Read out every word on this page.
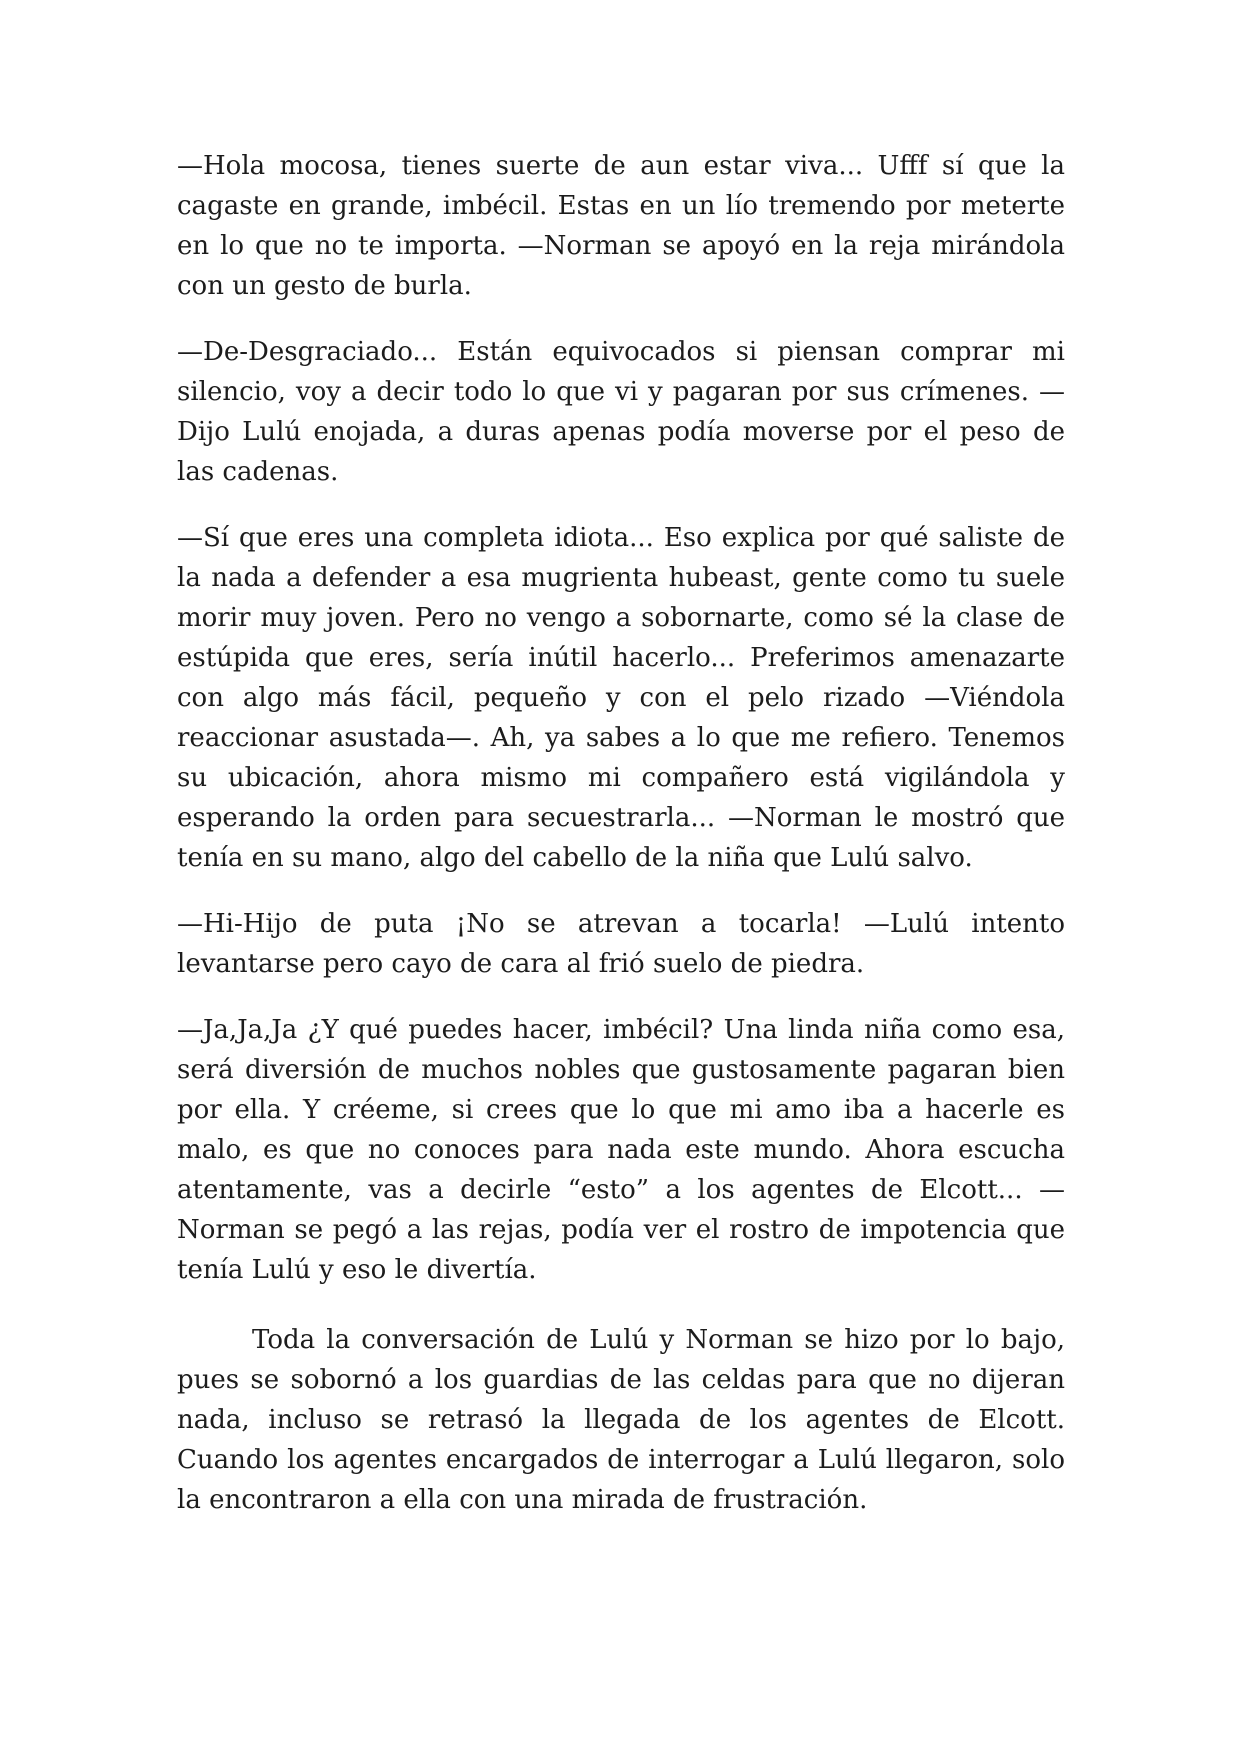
—Hola mocosa, tienes suerte de aun estar viva... Ufff sí que la cagaste en grande, imbécil. Estas en un lío tremendo por meterte en lo que no te importa. —Norman se apoyó en la reja mirándola con un gesto de burla.

—De-Desgraciado... Están equivocados si piensan comprar mi silencio, voy a decir todo lo que vi y pagaran por sus crímenes. — Dijo Lulú enojada, a duras apenas podía moverse por el peso de las cadenas.

—Sí que eres una completa idiota... Eso explica por qué saliste de la nada a defender a esa mugrienta hubeast, gente como tu suele morir muy joven. Pero no vengo a sobornarte, como sé la clase de estúpida que eres, sería inútil hacerlo... Preferimos amenazarte con algo más fácil, pequeño y con el pelo rizado —Viéndola reaccionar asustada—. Ah, ya sabes a lo que me refiero. Tenemos su ubicación, ahora mismo mi compañero está vigilándola y esperando la orden para secuestrarla... —Norman le mostró que tenía en su mano, algo del cabello de la niña que Lulú salvo.

—Hi-Hijo de puta ¡No se atrevan a tocarla! —Lulú intento levantarse pero cayo de cara al frió suelo de piedra.

—Ja,Ja,Ja ¿Y qué puedes hacer, imbécil? Una linda niña como esa, será diversión de muchos nobles que gustosamente pagaran bien por ella. Y créeme, si crees que lo que mi amo iba a hacerle es malo, es que no conoces para nada este mundo. Ahora escucha atentamente, vas a decirle “esto” a los agentes de Elcott... — Norman se pegó a las rejas, podía ver el rostro de impotencia que tenía Lulú y eso le divertía.

Toda la conversación de Lulú y Norman se hizo por lo bajo, pues se sobornó a los guardias de las celdas para que no dijeran nada, incluso se retrasó la llegada de los agentes de Elcott. Cuando los agentes encargados de interrogar a Lulú llegaron, solo la encontraron a ella con una mirada de frustración.
